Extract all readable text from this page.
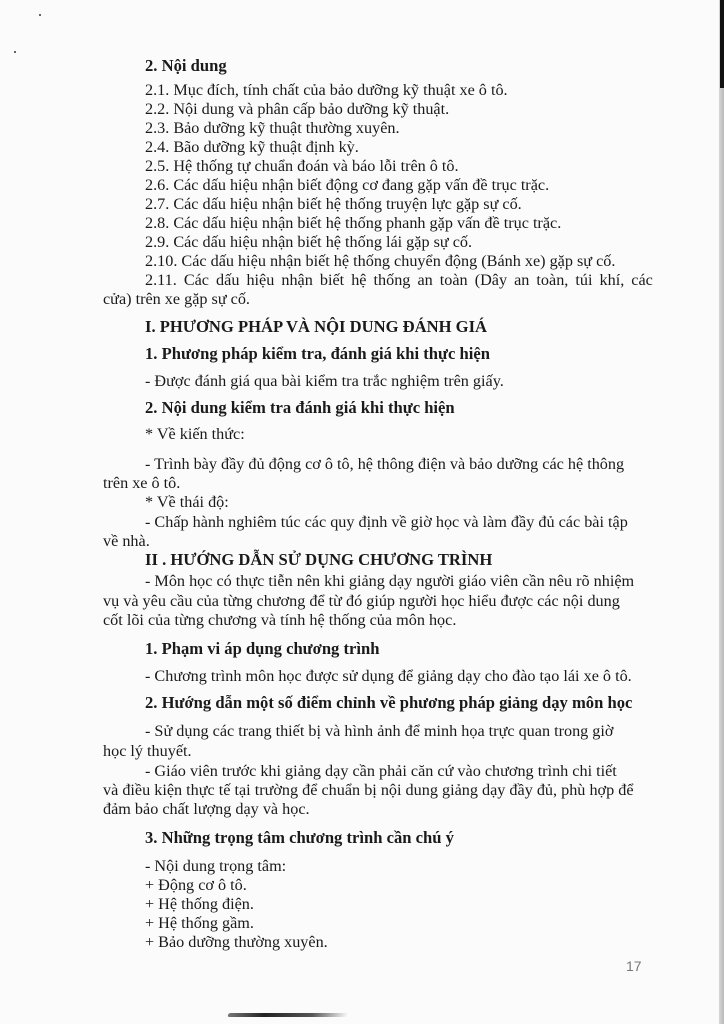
2. Nội dung
2.1. Mục đích, tính chất của bảo dưỡng kỹ thuật xe ô tô.
2.2. Nội dung và phân cấp bảo dưỡng kỹ thuật.
2.3. Bảo dưỡng kỹ thuật thường xuyên.
2.4. Bão dưỡng kỹ thuật định kỳ.
2.5. Hệ thống tự chuẩn đoán và báo lỗi trên ô tô.
2.6. Các dấu hiệu nhận biết động cơ đang gặp vấn đề trục trặc.
2.7. Các dấu hiệu nhận biết hệ thống truyện lực gặp sự cố.
2.8. Các dấu hiệu nhận biết hệ thống phanh gặp vấn đề trục trặc.
2.9. Các dấu hiệu nhận biết hệ thống lái gặp sự cố.
2.10. Các dấu hiệu nhận biết hệ thống chuyển động (Bánh xe) gặp sự cố.
2.11. Các dấu hiệu nhận biết hệ thống an toàn (Dây an toàn, túi khí, các
cửa) trên xe gặp sự cố.
I. PHƯƠNG PHÁP VÀ NỘI DUNG ĐÁNH GIÁ
1. Phương pháp kiểm tra, đánh giá khi thực hiện
- Được đánh giá qua bài kiểm tra trắc nghiệm trên giấy.
2. Nội dung kiểm tra đánh giá khi thực hiện
* Về kiến thức:
- Trình bày đầy đủ động cơ ô tô, hệ thông điện và bảo dưỡng các hệ thông
trên xe ô tô.
* Về thái độ:
- Chấp hành nghiêm túc các quy định về giờ học và làm đầy đủ các bài tập
về nhà.
II . HƯỚNG DẪN SỬ DỤNG CHƯƠNG TRÌNH
- Môn học có thực tiễn nên khi giảng dạy người giáo viên cần nêu rõ nhiệm
vụ và yêu cầu của từng chương để từ đó giúp người học hiểu được các nội dung
cốt lõi của từng chương và tính hệ thống của môn học.
1. Phạm vi áp dụng chương trình
- Chương trình môn học được sử dụng để giảng dạy cho đào tạo lái xe ô tô.
2. Hướng dẫn một số điểm chỉnh về phương pháp giảng dạy môn học
- Sử dụng các trang thiết bị và hình ảnh để minh họa trực quan trong giờ
học lý thuyết.
- Giáo viên trước khi giảng dạy cần phải căn cứ vào chương trình chi tiết
và điều kiện thực tế tại trường để chuẩn bị nội dung giảng dạy đầy đủ, phù hợp để
đảm bảo chất lượng dạy và học.
3. Những trọng tâm chương trình cần chú ý
- Nội dung trọng tâm:
+ Động cơ ô tô.
+ Hệ thống điện.
+ Hệ thống gầm.
+ Bảo dưỡng thường xuyên.
17
